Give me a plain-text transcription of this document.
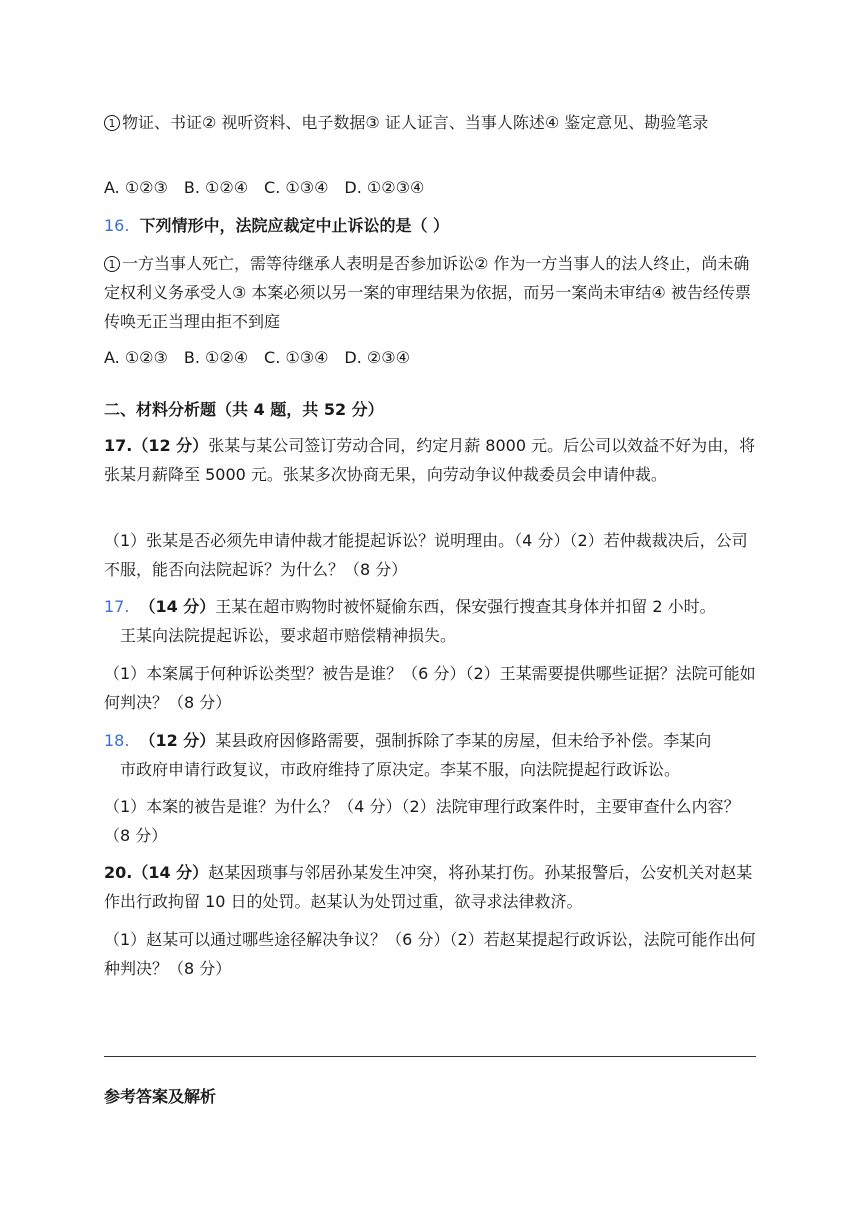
1 物证、书证② 视听资料、电子数据③ 证人证言、当事人陈述④ 鉴定意见、勘验笔录

A. ①②③　B. ①②④　C. ①③④　D. ①②③④

16. 下列情形中，法院应裁定中止诉讼的是（ ）

1 一方当事人死亡，需等待继承人表明是否参加诉讼② 作为一方当事人的法人终止，尚未确定权利义务承受人③ 本案必须以另一案的审理结果为依据，而另一案尚未审结④ 被告经传票传唤无正当理由拒不到庭

A. ①②③　B. ①②④　C. ①③④　D. ②③④

二、材料分析题（共 4 题，共 52 分）

17.（12 分）张某与某公司签订劳动合同，约定月薪 8000 元。后公司以效益不好为由，将张某月薪降至 5000 元。张某多次协商无果，向劳动争议仲裁委员会申请仲裁。

（1）张某是否必须先申请仲裁才能提起诉讼？说明理由。（4 分）（2）若仲裁裁决后，公司不服，能否向法院起诉？为什么？（8 分）

17. （14 分）王某在超市购物时被怀疑偷东西，保安强行搜查其身体并扣留 2 小时。
王某向法院提起诉讼，要求超市赔偿精神损失。

（1）本案属于何种诉讼类型？被告是谁？（6 分）（2）王某需要提供哪些证据？法院可能如何判决？（8 分）

18. （12 分）某县政府因修路需要，强制拆除了李某的房屋，但未给予补偿。李某向
市政府申请行政复议，市政府维持了原决定。李某不服，向法院提起行政诉讼。

（1）本案的被告是谁？为什么？（4 分）（2）法院审理行政案件时，主要审查什么内容？（8 分）

20.（14 分）赵某因琐事与邻居孙某发生冲突，将孙某打伤。孙某报警后，公安机关对赵某作出行政拘留 10 日的处罚。赵某认为处罚过重，欲寻求法律救济。

（1）赵某可以通过哪些途径解决争议？（6 分）（2）若赵某提起行政诉讼，法院可能作出何种判决？（8 分）

参考答案及解析
